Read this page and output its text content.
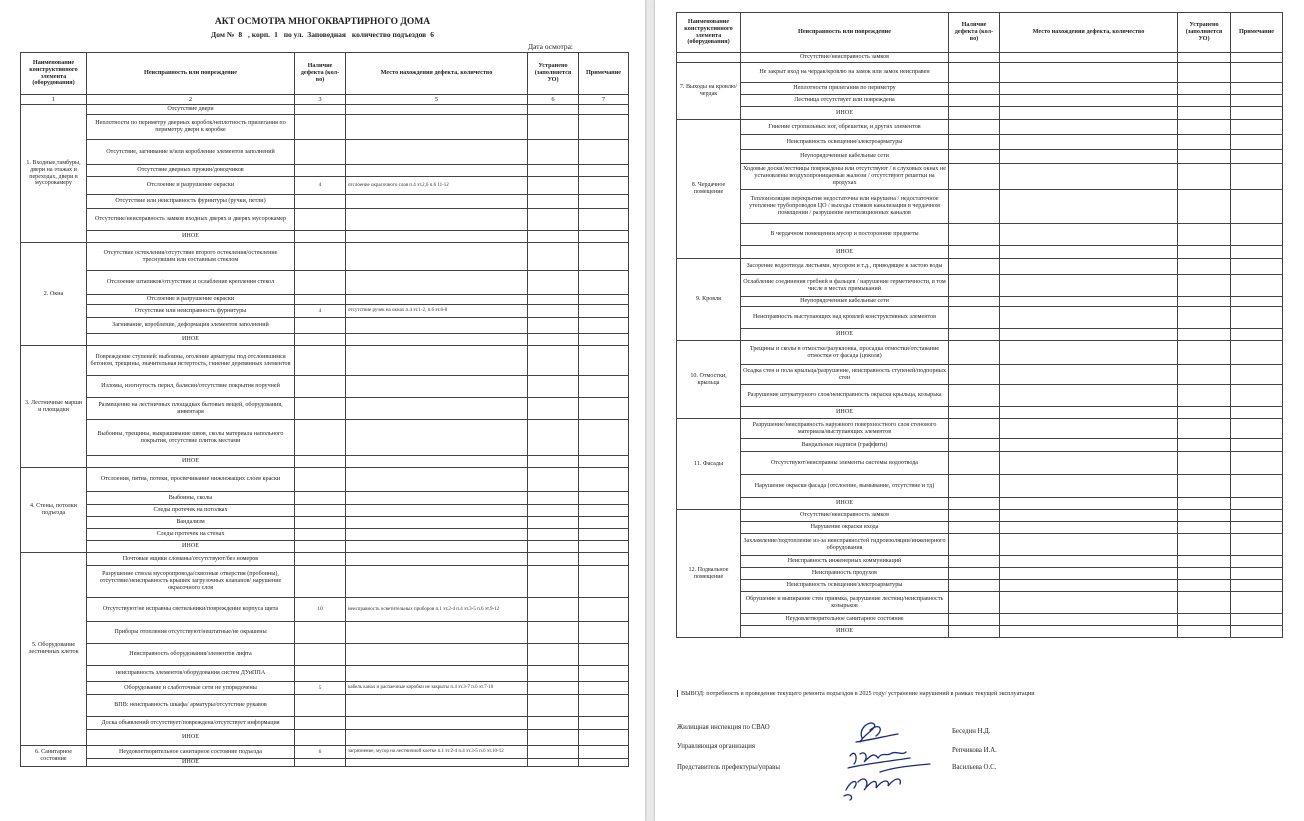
АКТ ОСМОТРА МНОГОКВАРТИРНОГО ДОМА
Дом № 8 , корп. 1 по ул. Заповедная количество подъездов 6
Дата осмотра:
Наименование конструктивного элемента (оборудования)	Неисправность или повреждение	Наличие дефекта (кол-во)	Место нахождения дефекта, количество	Устранено (заполняется УО)	Примечание
1	2	3	5	6	7
1. Входные,тамбуры, двери на этажах и переходах, двери в мусорокамеру	Отсутствие двери				
	Неплотности по периметру дверных коробок/неплотность прилегания по периметру двери к коробке				
	Отсутствие, загнивание и/или коробление элементов заполнений				
	Отсутствие дверных пружин/доводчиков				
	Отслоение и разрушение окраски	4	отслоение окрасочного слоя п.4 эт.2,6 п.6 11-12		
	Отсутствие или неисправность фурнитуры (ручки, петли)				
	Отсутствие/неисправность замков входных дверях и дверях мусорокамер				
	ИНОЕ				
2. Окна	Отсутствие остекления/отсутствие второго остекления/остекление треснувшим или составным стеклом				
	Отслоение штапиков/отсутствие и ослабление крепления стекол				
	Отслоение и разрушение окраски				
	Отсутствие или неисправность фурнитуры	4	отсутствие ручек на окнах п.4 эт.1-2, п.6 эт.6-8		
	Загнивание, коробление, деформация элементов заполнений				
	ИНОЕ				
3. Лестничные марши и площадки	Повреждение ступеней: выбоины, оголение арматуры под отслоившимся бетоном, трещины, значительная истертость, гниение деревянных элементов				
	Изломы, изогнутость перил, балясин/отсутствие покрытия поручней				
	Размещение на лестничных площадках бытовых вещей, оборудования, инвентаря				
	Выбоины, трещины, выкрашивание швов, сколы материала напольного покрытия, отсутствие плиток местами				
	ИНОЕ				
4. Стены, потолки подъезда	Отслоения, пятна, потеки, просвечивание нижлежащих слоев краски				
	Выбоины, сколы				
	Следы протечек на потолках				
	Вандализм				
	Следы протечек на стенах				
	ИНОЕ				
5. Оборудование лестничных клеток	Почтовые ящики сломаны/отсутствуют/без номеров				
	Разрушение ствола мусоропровода/сквозные отверстия (пробоины), отсутствие/неисправность крышек загрузочных клапанов/ нарушение окрасочного слоя				
	Отсутствуют/не исправны светильники/повреждение корпуса щита	10	неисправность осветительных приборов п.1 эт.2-4 п.4 эт.3-5 п.6 эт.9-12		
	Приборы отопления отсутствуют/нештатные/не окрашены				
	Неисправность оборудования/элементов лифта				
	неисправность элементов/оборудования систем ДУиППА				
	Оборудование и слаботочные сети не упорядочены	5	кабель канал и распаечные коробки не закрыты п.4 эт.3-7 п.6 эт.7-10		
	ВПВ: неисправность шкафа/ арматуры/отсутствие рукавов				
	Доска объявлений отсутствует/повреждена/отсутствует информация				
	ИНОЕ				
6. Санитарное состояние	Неудовлетворительное санитарное состояние подъезда	6	загрязнение, мусор на лестничной клетке п.1 эт.2-4 п.4 эт.3-5 п.6 эт.10-12		
	ИНОЕ				
Наименование конструктивного элемента (оборудования)	Неисправность или повреждение	Наличие дефекта (кол-во)	Место нахождения дефекта, количество	Устранено (заполняется УО)	Примечание
	Отсутствие/неисправность замков				
7. Выходы на кровлю/чердак	Не закрыт вход на чердак/кровлю на замок или замок неисправен				
	Неплотности прилегания по периметру				
	Лестница отсутствует или повреждена				
	ИНОЕ				
8. Чердачное помещение	Гниение стропильных ног, обрешетки, и других элементов				
	Неисправность освещения/электроарматуры				
	Неупорядоченные кабельные сети				
	Ходовые доски/лестницы повреждены или отсутствуют / в слуховых окнах не установлены воздухопроницаемые жалюзи / отсутствуют решетки на продухах				
	Теплоизоляция перекрытия недостаточна или нарушена / недостаточное утепление трубопроводов ЦО / выходы стояков канализации в чердачном помещении / разрушение вентиляционных каналов				
	В чердачном помещении мусор и посторонние предметы				
	ИНОЕ				
9. Кровля	Засорение водоотвода листьями, мусором и т.д., приводящее к застою воды				
	Ослабление соединения гребней и фальцев / нарушение герметичности, в том числе в местах примыканий				
	Неупорядоченные кабельные сети				
	Неисправность выступающих над кровлей конструктивных элементов				
	ИНОЕ				
10. Отмостки, крыльца	Трещины и сколы в отмостке/разуклонка, просадка отмостки/отставание отмостки от фасада (цоколя)				
	Осадка стен и пола крыльца/разрушение, неисправность ступеней/подпорных стен				
	Разрушение штукатурного слоя/неисправность окраски крыльца, козырька				
	ИНОЕ				
11. Фасады	Разрушение/неисправность наружного поверхностного слоя стенового материала/выступающих элементов				
	Вандальные надписи (граффити)				
	Отсутствуют/неисправны элементы системы водоотвода				
	Нарушение окраски фасада (отслоение, вымывание, отсутствие и тд)				
	ИНОЕ				
12. Подвальное помещение	Отсутствие/неисправность замков				
	Нарушение окраски входа				
	Захламление/подтопление из-за неисправностей гидроизоляции/инженерного оборудования				
	Неисправность инженерных коммуникаций				
	Неисправность продухов				
	Неисправность освещения/электроарматуры				
	Обрушение и выпирание стен приямка, разрушение лестниц/неисправность козырьков				
	Неудовлетворительное санитарное состояние				
	ИНОЕ				
ВЫВОД: потребность в проведение текущего ремонта подъездов в 2025 году/ устранение нарушений в рамках текущей эксплуатации
Жилищная инспекция по СВАО
Беседин Н.Д.
Управляющая организация
Репчикова И.А.
Представитель префектуры/управы	Васильева О.С.
